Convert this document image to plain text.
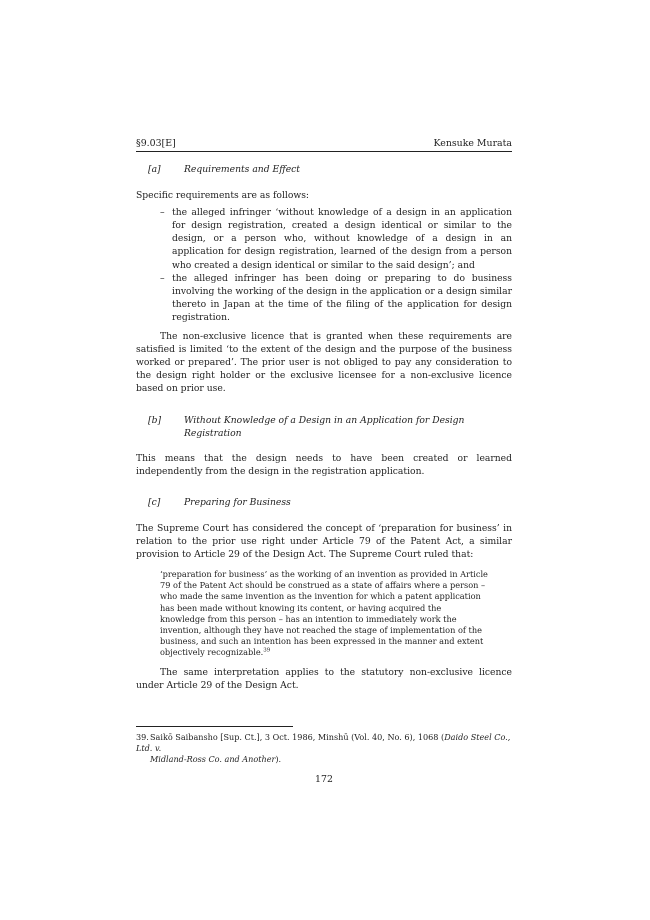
§9.03[E]	Kensuke Murata
[a]	Requirements and Effect

Specific requirements are as follows:

– the alleged infringer ‘without knowledge of a design in an application for design registration, created a design identical or similar to the design, or a person who, without knowledge of a design in an application for design registration, learned of the design from a person who created a design identical or similar to the said design’; and
– the alleged infringer has been doing or preparing to do business involving the working of the design in the application or a design similar thereto in Japan at the time of the filing of the application for design registration.

The non-exclusive licence that is granted when these requirements are satisfied is limited ‘to the extent of the design and the purpose of the business worked or prepared’. The prior user is not obliged to pay any consideration to the design right holder or the exclusive licensee for a non-exclusive licence based on prior use.

[b]	Without Knowledge of a Design in an Application for Design
Registration

This means that the design needs to have been created or learned independently from the design in the registration application.

[c]	Preparing for Business

The Supreme Court has considered the concept of ‘preparation for business’ in relation to the prior use right under Article 79 of the Patent Act, a similar provision to Article 29 of the Design Act. The Supreme Court ruled that:

‘preparation for business’ as the working of an invention as provided in Article 79 of the Patent Act should be construed as a state of affairs where a person – who made the same invention as the invention for which a patent application has been made without knowing its content, or having acquired the knowledge from this person – has an intention to immediately work the invention, although they have not reached the stage of implementation of the business, and such an intention has been expressed in the manner and extent objectively recognizable.$^{39}$

The same interpretation applies to the statutory non-exclusive licence under Article 29 of the Design Act.

39.Saikō Saibansho [Sup. Ct.], 3 Oct. 1986, Minshū (Vol. 40, No. 6), 1068 (Daido Steel Co., Ltd. v.
Midland-Ross Co. and Another).
172
